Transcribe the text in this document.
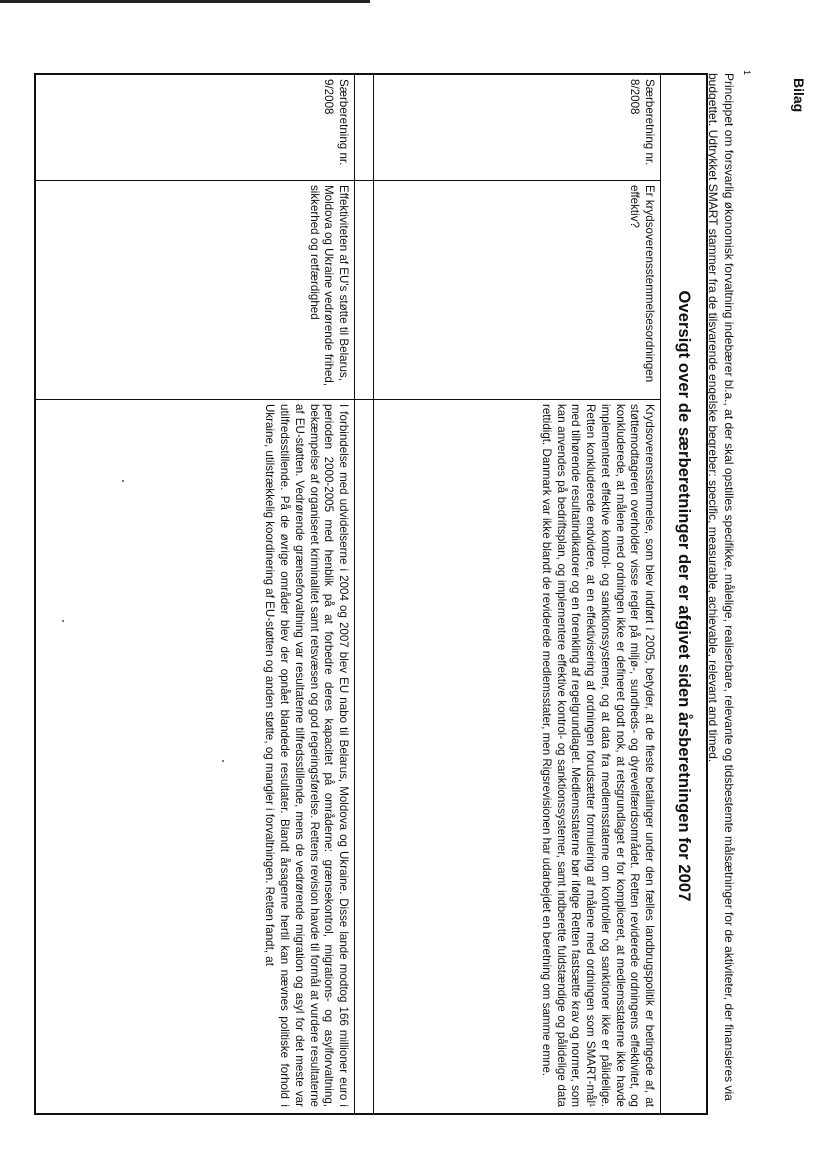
Bilag
Oversigt over de særberetninger der er afgivet siden årsberetningen for 2007
Særberetning nr. 8/2008
Er krydsoverensstemmelsesordningen effektiv?
Krydsoverensstemmelse, som blev indført i 2005, betyder, at de fleste betalinger under den fælles landbrugspolitik er betingede af, at støttemodtageren overholder visse regler på miljø-, sundheds- og dyrevelfærdsområdet. Retten reviderede ordningens effektivitet, og konkluderede, at målene med ordningen ikke er defineret godt nok, at retsgrundlaget er for kompliceret, at medlemsstaterne ikke havde implementeret effektive kontrol- og sanktionssystemer, og at data fra medlemsstaterne om kontroller og sanktioner ikke er pålidelige. Retten konkluderede endvidere, at en effektivisering af ordningen forudsætter formulering af målene med ordningen som SMART-mål¹ med tilhørende resultatindikatorer og en forenkling af regelgrundlaget. Medlemsstaterne bør ifølge Retten fastsætte krav og normer, som kan anvendes på bedriftsplan, og implementere effektive kontrol- og sanktionssystemer, samt indberette fuldstændige og pålidelige data rettidigt. Danmark var ikke blandt de reviderede medlemsstater, men Rigsrevisionen har udarbejdet en beretning om samme emne.
Særberetning nr. 9/2008
Effektiviteten af EU's støtte til Belarus, Moldova og Ukraine vedrørende frihed, sikkerhed og retfærdighed
I forbindelse med udvidelserne i 2004 og 2007 blev EU nabo til Belarus, Moldova og Ukraine. Disse lande modtog 166 millioner euro i perioden 2000-2005 med henblik på at forbedre deres kapacitet på områderne: grænsekontrol, migrations- og asylforvaltning, bekæmpelse af organiseret kriminalitet samt retsvæsen og god regeringsførelse. Rettens revision havde til formål at vurdere resultaterne af EU-støtten. Vedrørende grænseforvaltning var resultaterne tilfredsstillende, mens de vedrørende migration og asyl for det meste var utilfredsstillende. På de øvrige områder blev der opnået blandede resultater. Blandt årsagerne hertil kan nævnes politiske forhold i Ukraine, utilstrækkelig koordinering af EU-støtten og anden støtte, og mangler i forvaltningen. Retten fandt, at
1
Princippet om forsvarlig økonomisk forvaltning indebærer bl.a., at der skal opstilles specifikke, målelige, realiserbare, relevante og tidsbestemte målsætninger for de aktiviteter, der finansieres via budgettet. Udtrykket SMART stammer fra de tilsvarende engelske begreber: specific, measurable, achievable, relevant and timed.
